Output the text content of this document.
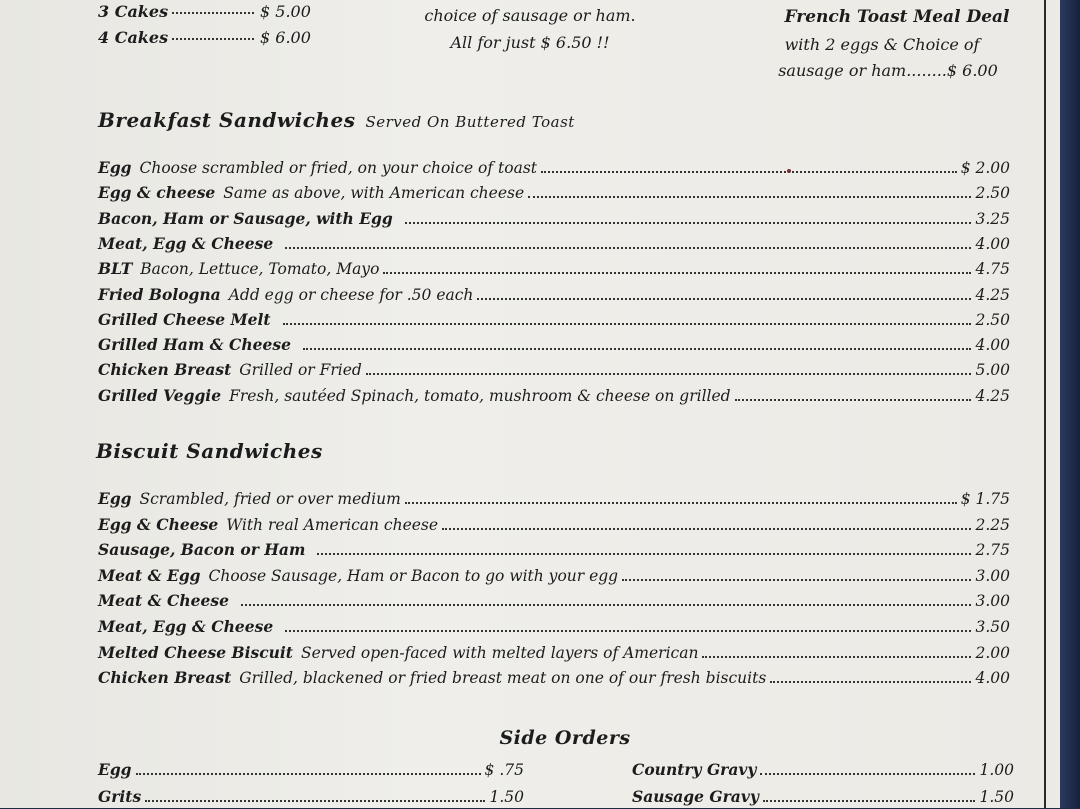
3 Cakes	$ 5.00
4 Cakes	$ 6.00
choice of sausage or ham.
All for just $ 6.50 !!
French Toast Meal Deal
with 2 eggs & Choice of
sausage or ham........$ 6.00
Breakfast Sandwiches Served On Buttered Toast
Egg Choose scrambled or fried, on your choice of toast	$ 2.00
Egg & cheese Same as above, with American cheese	2.50
Bacon, Ham or Sausage, with Egg	3.25
Meat, Egg & Cheese	4.00
BLT Bacon, Lettuce, Tomato, Mayo	4.75
Fried Bologna Add egg or cheese for .50 each	4.25
Grilled Cheese Melt	2.50
Grilled Ham & Cheese	4.00
Chicken Breast Grilled or Fried	5.00
Grilled Veggie Fresh, sautéed Spinach, tomato, mushroom & cheese on grilled	4.25
Biscuit Sandwiches
Egg Scrambled, fried or over medium	$ 1.75
Egg & Cheese With real American cheese	2.25
Sausage, Bacon or Ham	2.75
Meat & Egg Choose Sausage, Ham or Bacon to go with your egg	3.00
Meat & Cheese	3.00
Meat, Egg & Cheese	3.50
Melted Cheese Biscuit Served open-faced with melted layers of American	2.00
Chicken Breast Grilled, blackened or fried breast meat on one of our fresh biscuits	4.00
Side Orders
Egg	$ .75
Grits	1.50
Country Gravy	1.00
Sausage Gravy	1.50
